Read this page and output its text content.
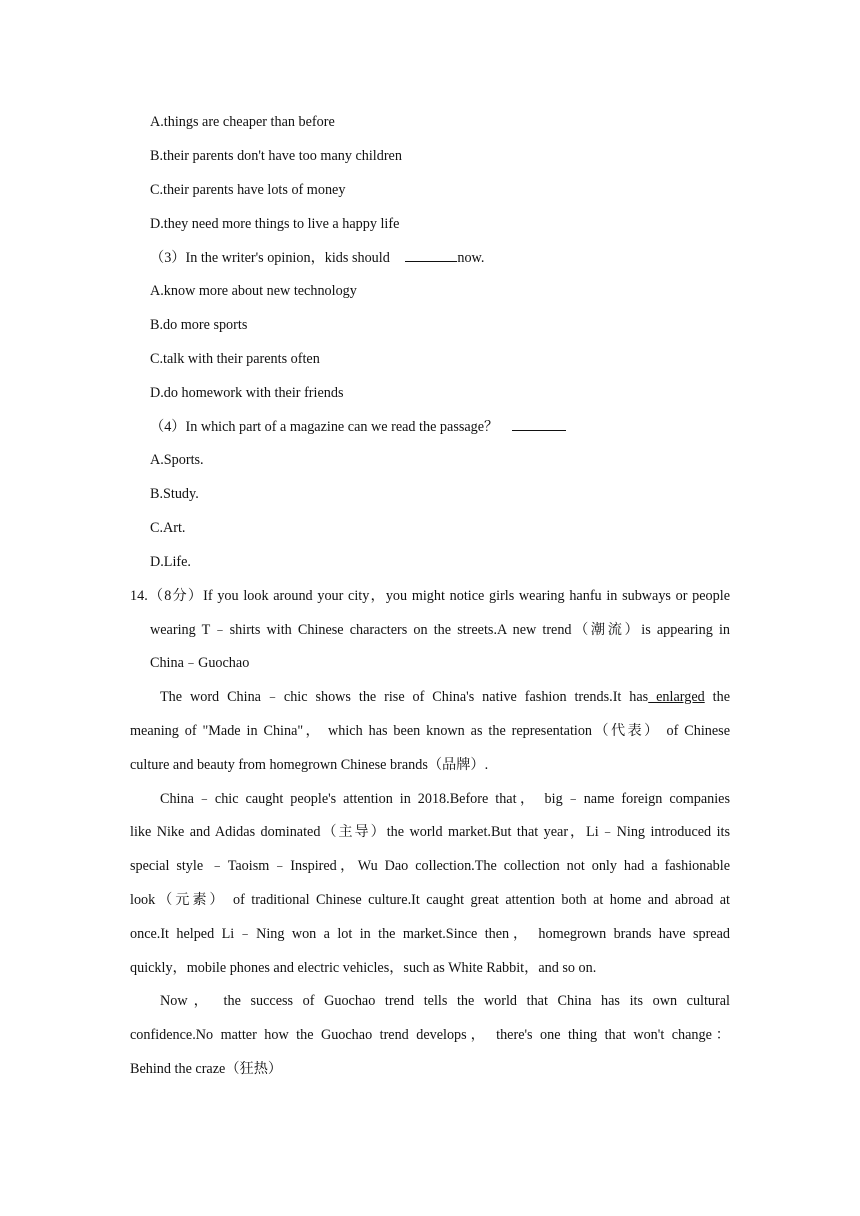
A.things are cheaper than before
B.their parents don't have too many children
C.their parents have lots of money
D.they need more things to live a happy life
（3）In the writer's opinion，kids should	now.
A.know more about new technology
B.do more sports
C.talk with their parents often
D.do homework with their friends
（4）In which part of a magazine can we read the passage？
A.Sports.
B.Study.
C.Art.
D.Life.
14.（8分）If you look around your city，you might notice girls wearing hanfu in subways or people
wearing T﹣shirts with Chinese characters on the streets.A new trend（潮流）is appearing in
China﹣Guochao
The word China﹣chic shows the rise of China's native fashion trends.It has enlarged the
meaning of "Made in China"， which has been known as the representation（代表） of Chinese
culture and beauty from homegrown Chinese brands（品牌）.
China﹣chic caught people's attention in 2018.Before that， big﹣name foreign companies
like Nike and Adidas dominated（主导）the world market.But that year，Li﹣Ning introduced its
special style ﹣Taoism﹣Inspired，Wu Dao collection.The collection not only had a fashionable
look（元素） of traditional Chinese culture.It caught great attention both at home and abroad at
once.It helped Li﹣Ning won a lot in the market.Since then， homegrown brands have spread
quickly，mobile phones and electric vehicles，such as White Rabbit，and so on.
Now， the success of Guochao trend tells the world that China has its own cultural
confidence.No matter how the Guochao trend develops， there's one thing that won't change：
Behind the craze（狂热）
